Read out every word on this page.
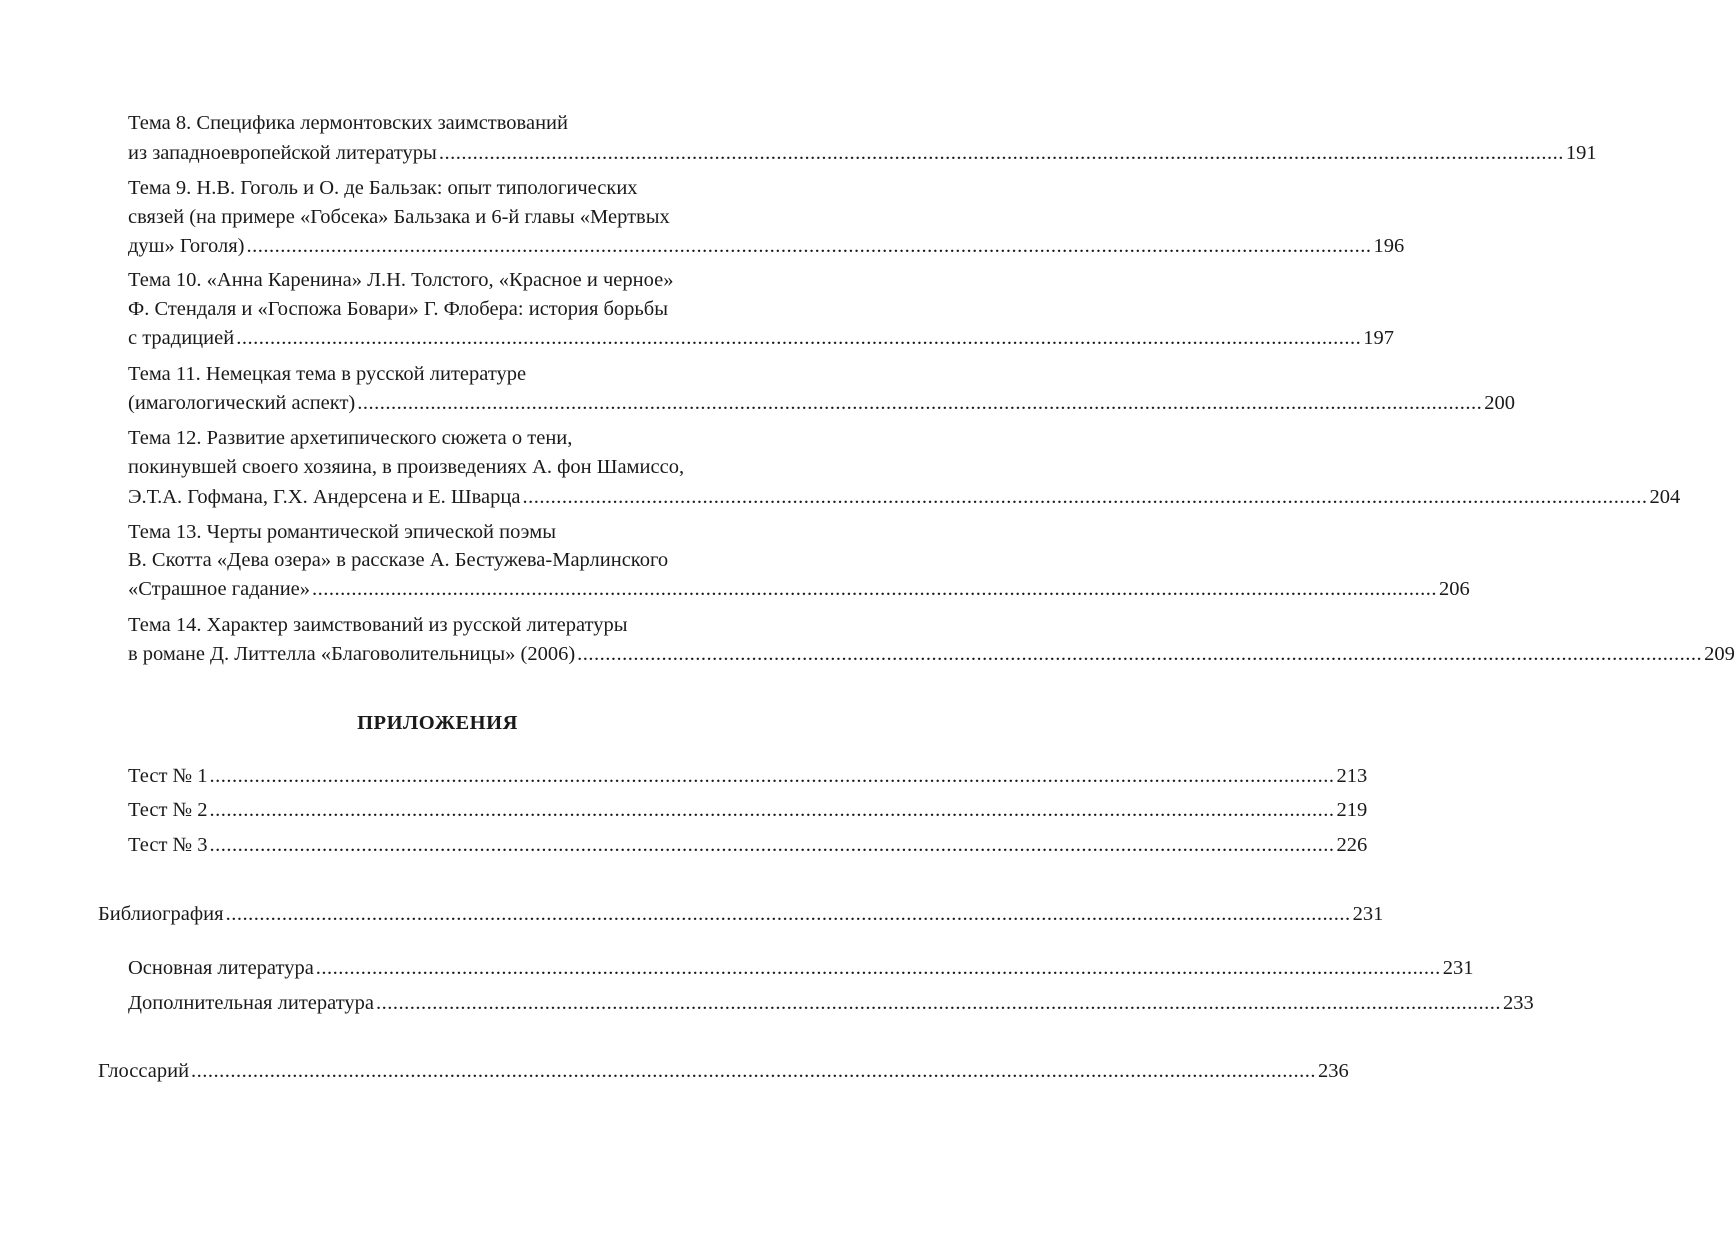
Тема 8. Специфика лермонтовских заимствований
из западноевропейской литературы ........................................................................................................................................................................................................ 191
Тема 9. Н.В. Гоголь и О. де Бальзак: опыт типологических
связей (на примере «Гобсека» Бальзака и 6-й главы «Мертвых
душ» Гоголя) ........................................................................................................................................................................................................ 196
Тема 10. «Анна Каренина» Л.Н. Толстого, «Красное и черное»
Ф. Стендаля и «Госпожа Бовари» Г. Флобера: история борьбы
с традицией ........................................................................................................................................................................................................ 197
Тема 11. Немецкая тема в русской литературе
(имагологический аспект) ........................................................................................................................................................................................................ 200
Тема 12. Развитие архетипического сюжета о тени,
покинувшей своего хозяина, в произведениях А. фон Шамиссо,
Э.Т.А. Гофмана, Г.Х. Андерсена и Е. Шварца ........................................................................................................................................................................................................ 204
Тема 13. Черты романтической эпической поэмы
В. Скотта «Дева озера» в рассказе А. Бестужева-Марлинского
«Страшное гадание» ........................................................................................................................................................................................................ 206
Тема 14. Характер заимствований из русской литературы
в романе Д. Литтелла «Благоволительницы» (2006) ........................................................................................................................................................................................................ 209
ПРИЛОЖЕНИЯ
Тест № 1 ........................................................................................................................................................................................................ 213
Тест № 2 ........................................................................................................................................................................................................ 219
Тест № 3 ........................................................................................................................................................................................................ 226
Библиография ........................................................................................................................................................................................................ 231
Основная литература ........................................................................................................................................................................................................ 231
Дополнительная литература ........................................................................................................................................................................................................ 233
Глоссарий ........................................................................................................................................................................................................ 236
